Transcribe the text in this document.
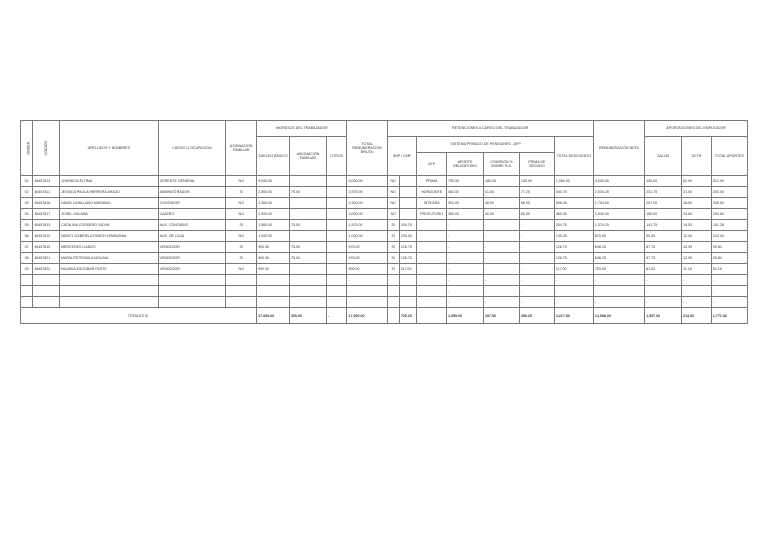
ORDEN	CÓDIGO	APELLIDOS Y NOMBRES	CARGO U OCUPACIÓN	ASIGNACIÓN FAMILIAR	INGRESOS DEL TRABAJADOR			TOTAL REMUNERACIÓN BRUTA	RETENCIONES A CARGO DEL TRABAJADOR							REMUNERACIÓN NETA	APORTACIONES DEL EMPLEADOR		
					SUELDO BÁSICO	ASIGNACIÓN FAMILIAR	OTROS		SNP / ONP		SISTEMA PRIVADO DE PENSIONES - AFP				TOTAL DESCUENTO		SALUD	SCTR	TOTAL APORTES
											AFP	APORTE OBLIGATORIO	COMISIÓN % SOBRE R.A.	PRIMA DE SEGURO					
01	45457814	JOHNSON ELTIMA	GERENTE GENERAL	NO	5,000.00			5,000.00	NO		PRIMA	750.00	180.00	150.00	1,080.00	4,000.00	450.00	62.00	512.00
02	45457811	JESSICA PAOLA HERRERA ARAZO	ADMINISTRADOR	SI	2,500.00	75.00		2,575.00	NO		HORIZONTE	462.00	51.50	77.25	540.75	2,034.25	231.75	31.00	263.00
03	45457816	DAVID CASILLANO MARIANO	CONTADOR	NO	2,300.00			2,300.00	NO		INTEGRA	391.00	46.00	69.00	506.00	1,794.00	207.00	28.52	235.52
04	45457817	JOSEL GALANA	CAJERO	NO	2,000.00			2,000.00	NO		PROFUTURO	360.00	40.00	60.00	460.00	1,540.00	180.00	24.80	204.80
05	45457813	CATALINA CORDERO SICAN	AUX. CONTABLE	SI	1,500.00	75.00		1,575.00	SI	204.75		-	-	-	204.75	1,370.25	141.75	19.53	161.28
06	45457812	NANCY GABRIELA PANCH LEMINGNIA	AUX. DE CAJA	NO	1,000.00			1,000.00	SI	130.00		-	-	-	130.00	870.00	90.00	12.40	102.40
07	45457815	MERCEDES LIANOS	VENDEDOR	SI	900.00	75.00		975.00	SI	126.75		-	-	-	126.75	848.25	87.75	12.09	99.84
08	45457821	MARIA PETRONILA MOLINA	VENDEDOR	SI	900.00	75.00		975.00	SI	126.75		-	-	-	126.75	848.25	87.75	12.09	99.84
09	45457822	NILVANA ESCOBAR PASTE	VENDEDOR	NO	900.00			900.00	SI	117.00		-	-	-	117.00	783.00	81.00	11.16	92.16
								-				-	-	-	-	-	-	-	-
								-				-	-	-	-	-	-	-	-
								-				-	-	-	-	-	-	-	-
TOTALES S/.					17,000.00	300.00	-	17,300.00		705.25		1,959.00	297.50	356.25	3,217.80	14,088.00	1,557.00	214.52	1,771.52
